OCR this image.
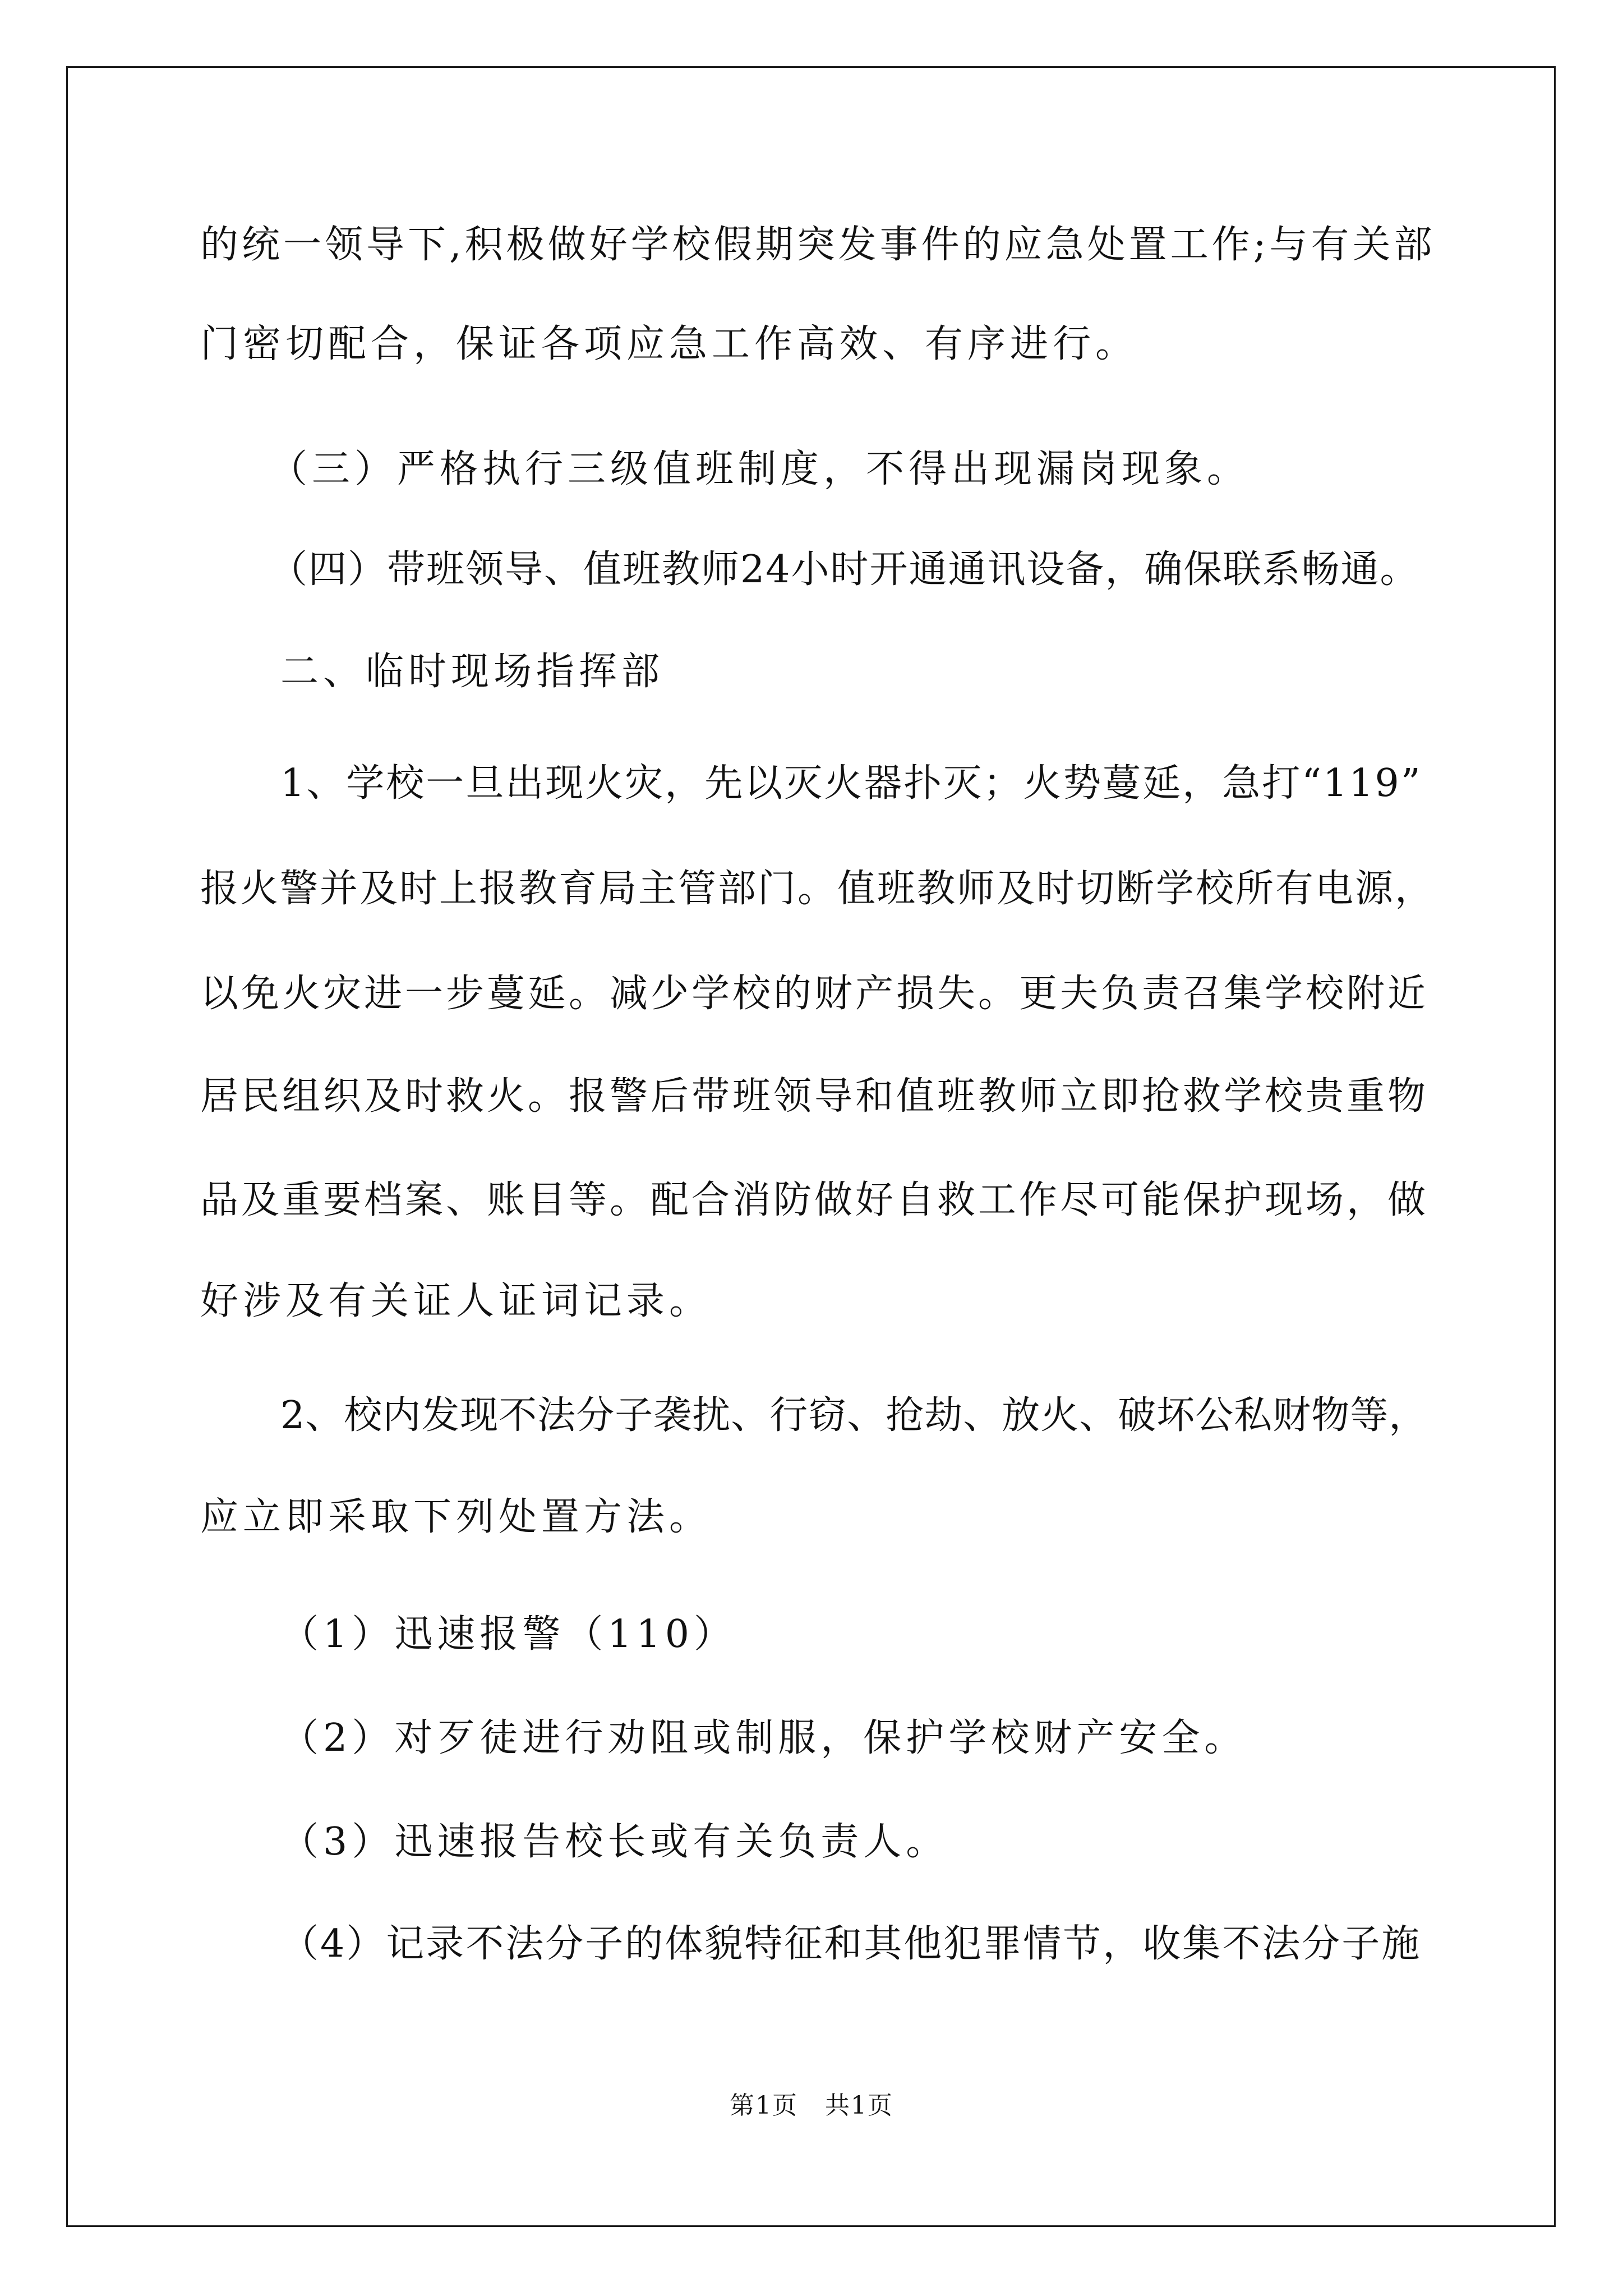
的统一领导下,积极做好学校假期突发事件的应急处置工作;与有关部
门密切配合，保证各项应急工作高效、有序进行。
（三）严格执行三级值班制度，不得出现漏岗现象。
（四）带班领导、值班教师24小时开通通讯设备，确保联系畅通。
二、临时现场指挥部
1、学校一旦出现火灾，先以灭火器扑灭；火势蔓延，急打“119”
报火警并及时上报教育局主管部门。值班教师及时切断学校所有电源，
以免火灾进一步蔓延。减少学校的财产损失。更夫负责召集学校附近
居民组织及时救火。报警后带班领导和值班教师立即抢救学校贵重物
品及重要档案、账目等。配合消防做好自救工作尽可能保护现场，做
好涉及有关证人证词记录。
2、校内发现不法分子袭扰、行窃、抢劫、放火、破坏公私财物等，
应立即采取下列处置方法。
（1）迅速报警（110）
（2）对歹徒进行劝阻或制服，保护学校财产安全。
（3）迅速报告校长或有关负责人。
（4）记录不法分子的体貌特征和其他犯罪情节，收集不法分子施
第1页   共1页
